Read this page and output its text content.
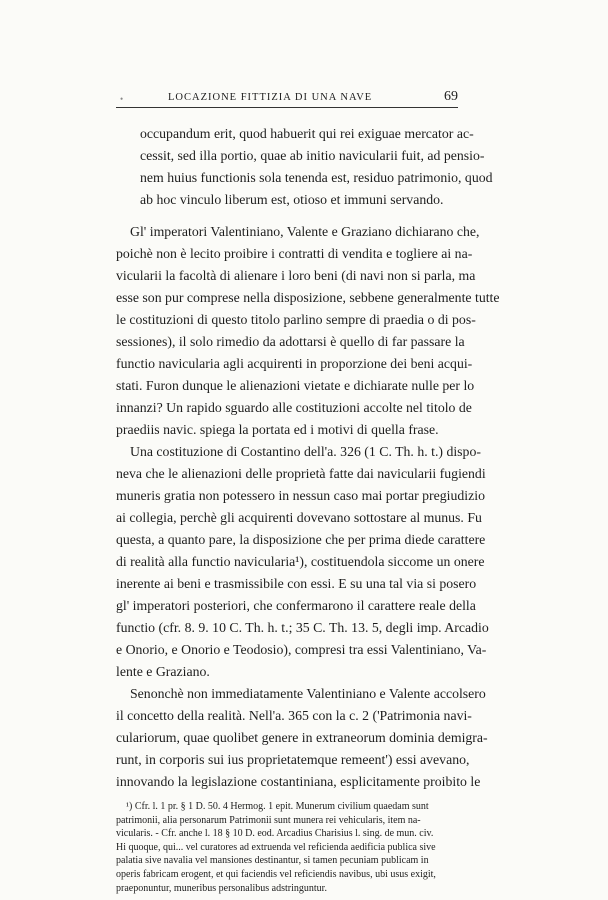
•	LOCAZIONE FITTIZIA DI UNA NAVE	69
occupandum erit, quod habuerit qui rei exiguae mercator ac-
cessit, sed illa portio, quae ab initio navicularii fuit, ad pensio-
nem huius functionis sola tenenda est, residuo patrimonio, quod
ab hoc vinculo liberum est, otioso et immuni servando.
Gl' imperatori Valentiniano, Valente e Graziano dichiarano che,
poichè non è lecito proibire i contratti di vendita e togliere ai na-
vicularii la facoltà di alienare i loro beni (di navi non si parla, ma
esse son pur comprese nella disposizione, sebbene generalmente tutte
le costituzioni di questo titolo parlino sempre di praedia o di pos-
sessiones), il solo rimedio da adottarsi è quello di far passare la
functio navicularia agli acquirenti in proporzione dei beni acqui-
stati. Furon dunque le alienazioni vietate e dichiarate nulle per lo
innanzi? Un rapido sguardo alle costituzioni accolte nel titolo de
praediis navic. spiega la portata ed i motivi di quella frase.
Una costituzione di Costantino dell'a. 326 (1 C. Th. h. t.) dispo-
neva che le alienazioni delle proprietà fatte dai navicularii fugiendi
muneris gratia non potessero in nessun caso mai portar pregiudizio
ai collegia, perchè gli acquirenti dovevano sottostare al munus. Fu
questa, a quanto pare, la disposizione che per prima diede carattere
di realità alla functio navicularia¹), costituendola siccome un onere
inerente ai beni e trasmissibile con essi. E su una tal via si posero
gl' imperatori posteriori, che confermarono il carattere reale della
functio (cfr. 8. 9. 10 C. Th. h. t.; 35 C. Th. 13. 5, degli imp. Arcadio
e Onorio, e Onorio e Teodosio), compresi tra essi Valentiniano, Va-
lente e Graziano.
Senonchè non immediatamente Valentiniano e Valente accolsero
il concetto della realità. Nell'a. 365 con la c. 2 ('Patrimonia navi-
culariorum, quae quolibet genere in extraneorum dominia demigra-
runt, in corporis sui ius proprietatemque remeent') essi avevano,
innovando la legislazione costantiniana, esplicitamente proibito le
¹) Cfr. l. 1 pr. § 1 D. 50. 4 Hermog. 1 epit. Munerum civilium quaedam sunt
patrimonii, alia personarum Patrimonii sunt munera rei vehicularis, item na-
vicularis. - Cfr. anche l. 18 § 10 D. eod. Arcadius Charisius l. sing. de mun. civ.
Hi quoque, qui... vel curatores ad extruenda vel reficienda aedificia publica sive
palatia sive navalia vel mansiones destinantur, si tamen pecuniam publicam in
operis fabricam erogent, et qui faciendis vel reficiendis navibus, ubi usus exigit,
praeponuntur, muneribus personalibus adstringuntur.
